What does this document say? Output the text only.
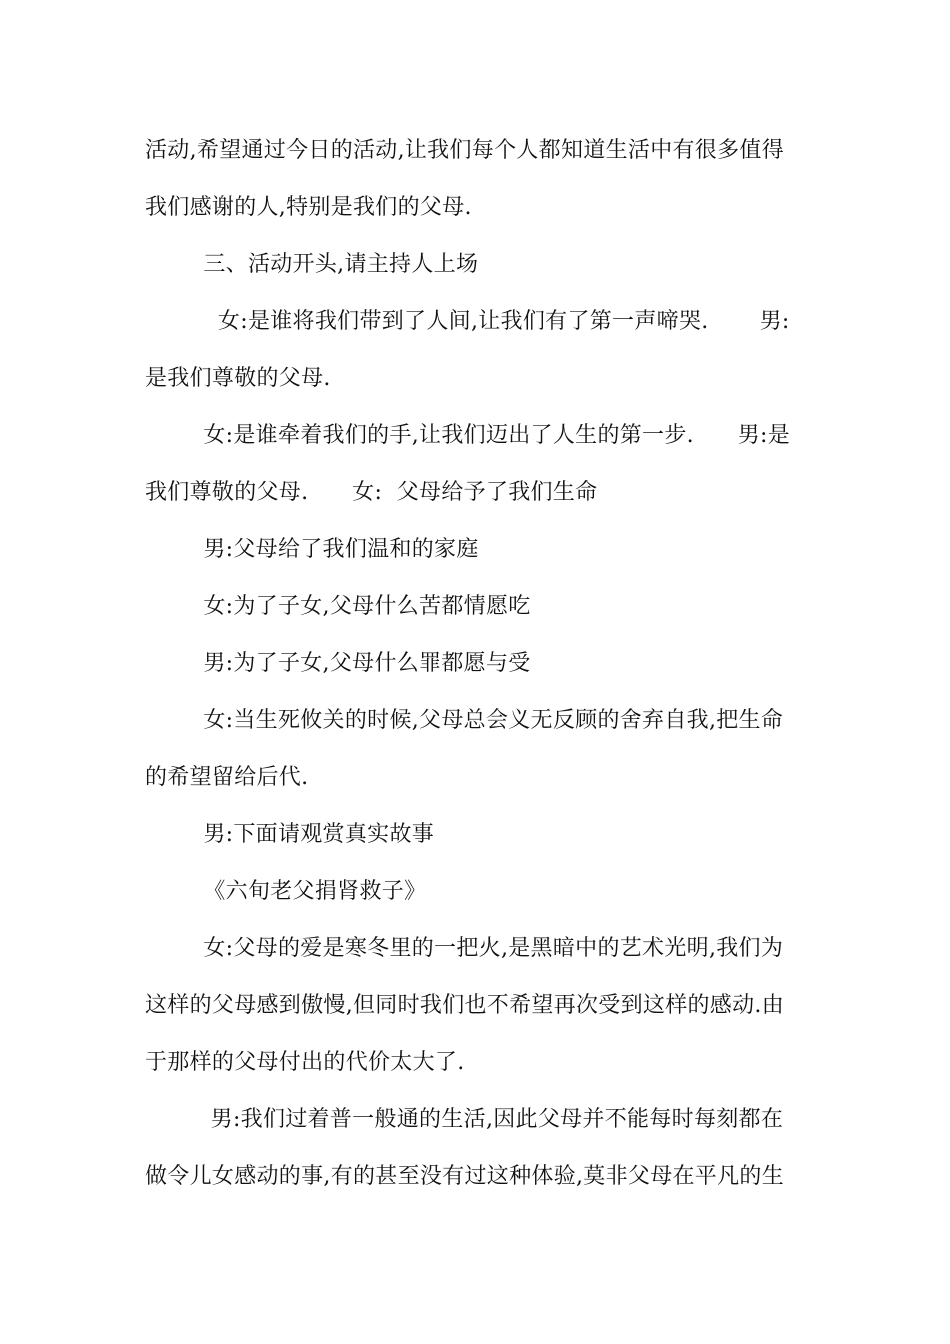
活动,希望通过今日的活动,让我们每个人都知道生活中有很多值得
我们感谢的人,特别是我们的父母.
三、活动开头,请主持人上场
女:是谁将我们带到了人间,让我们有了第一声啼哭.       男:
是我们尊敬的父母.
女:是谁牵着我们的手,让我们迈出了人生的第一步.      男:是
我们尊敬的父母.      女:  父母给予了我们生命
男:父母给了我们温和的家庭
女:为了子女,父母什么苦都情愿吃
男:为了子女,父母什么罪都愿与受
女:当生死攸关的时候,父母总会义无反顾的舍弃自我,把生命
的希望留给后代.
男:下面请观赏真实故事
《六旬老父捐肾救子》
女:父母的爱是寒冬里的一把火,是黑暗中的艺术光明,我们为
这样的父母感到傲慢,但同时我们也不希望再次受到这样的感动.由
于那样的父母付出的代价太大了.
男:我们过着普一般通的生活,因此父母并不能每时每刻都在
做令儿女感动的事,有的甚至没有过这种体验,莫非父母在平凡的生
